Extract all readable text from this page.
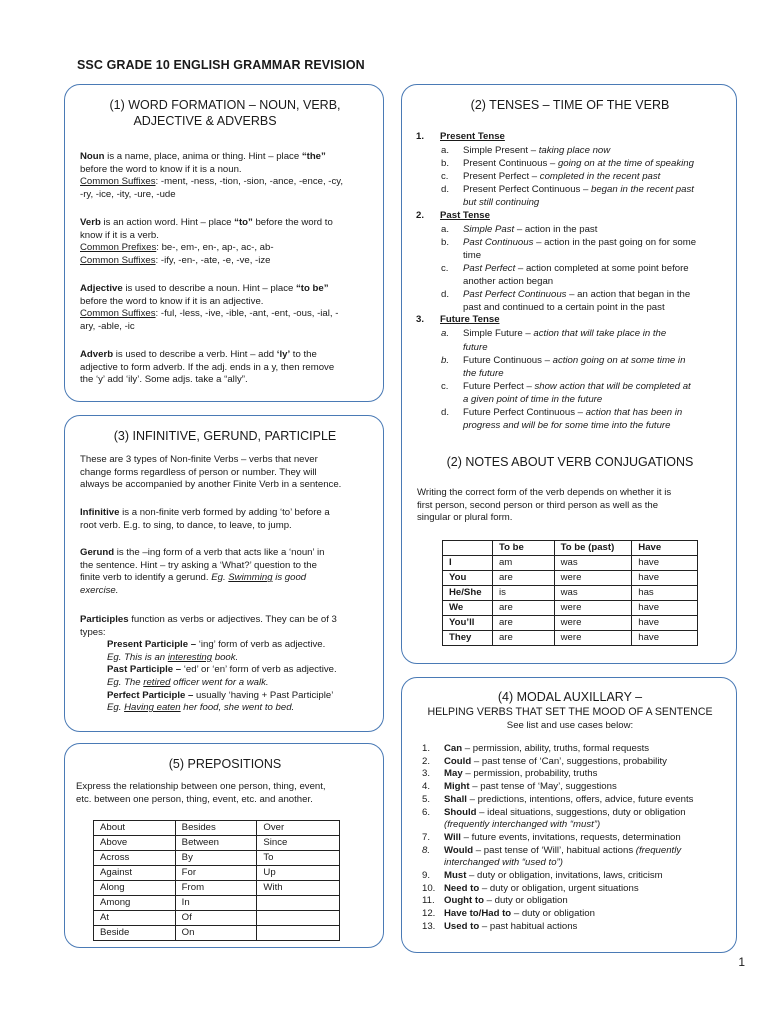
SSC GRADE 10 ENGLISH GRAMMAR REVISION
(1) WORD FORMATION – NOUN, VERB,
ADJECTIVE & ADVERBS
Noun is a name, place, anima or thing. Hint – place “the”
before the word to know if it is a noun.
Common Suffixes: -ment, -ness, -tion, -sion, -ance, -ence, -cy,
-ry, -ice, -ity, -ure, -ude
Verb is an action word. Hint – place “to” before the word to
know if it is a verb.
Common Prefixes: be-, em-, en-, ap-, ac-, ab-
Common Suffixes: -ify, -en-, -ate, -e, -ve, -ize
Adjective is used to describe a noun. Hint – place “to be”
before the word to know if it is an adjective.
Common Suffixes: -ful, -less, -ive, -ible, -ant, -ent, -ous, -ial, -
ary, -able, -ic
Adverb is used to describe a verb. Hint – add ‘ly’ to the
adjective to form adverb. If the adj. ends in a y, then remove
the ‘y’ add ‘ily’. Some adjs. take a “ally”.
(2) TENSES – TIME OF THE VERB
1. Present Tense
a. Simple Present – taking place now
b. Present Continuous – going on at the time of speaking
c. Present Perfect – completed in the recent past
d. Present Perfect Continuous – began in the recent past
but still continuing
2. Past Tense
a. Simple Past – action in the past
b. Past Continuous – action in the past going on for some
time
c. Past Perfect – action completed at some point before
another action began
d. Past Perfect Continuous – an action that began in the
past and continued to a certain point in the past
3. Future Tense
a. Simple Future – action that will take place in the
future
b. Future Continuous – action going on at some time in
the future
c. Future Perfect – show action that will be completed at
a given point of time in the future
d. Future Perfect Continuous – action that has been in
progress and will be for some time into the future
(2) NOTES ABOUT VERB CONJUGATIONS
Writing the correct form of the verb depends on whether it is
first person, second person or third person as well as the
singular or plural form.
	To be	To be (past)	Have
I	am	was	have
You	are	were	have
He/She	is	was	has
We	are	were	have
You’ll	are	were	have
They	are	were	have
(3) INFINITIVE, GERUND, PARTICIPLE
These are 3 types of Non-finite Verbs – verbs that never
change forms regardless of person or number. They will
always be accompanied by another Finite Verb in a sentence.
Infinitive is a non-finite verb formed by adding ‘to’ before a
root verb. E.g. to sing, to dance, to leave, to jump.
Gerund is the –ing form of a verb that acts like a ‘noun’ in
the sentence. Hint – try asking a ‘What?’ question to the
finite verb to identify a gerund. Eg. Swimming is good
exercise.
Participles function as verbs or adjectives. They can be of 3
types:
Present Participle – ‘ing’ form of verb as adjective.
Eg. This is an interesting book.
Past Participle – ‘ed’ or ‘en’ form of verb as adjective.
Eg. The retired officer went for a walk.
Perfect Participle – usually ‘having + Past Participle’
Eg. Having eaten her food, she went to bed.
(4) MODAL AUXILLARY –
HELPING VERBS THAT SET THE MOOD OF A SENTENCE
See list and use cases below:
1. Can – permission, ability, truths, formal requests
2. Could – past tense of ‘Can’, suggestions, probability
3. May – permission, probability, truths
4. Might – past tense of ‘May’, suggestions
5. Shall – predictions, intentions, offers, advice, future events
6. Should – ideal situations, suggestions, duty or obligation
(frequently interchanged with “must”)
7. Will – future events, invitations, requests, determination
8. Would – past tense of ‘Will’, habitual actions (frequently
interchanged with “used to”)
9. Must – duty or obligation, invitations, laws, criticism
10. Need to – duty or obligation, urgent situations
11. Ought to – duty or obligation
12. Have to/Had to – duty or obligation
13. Used to – past habitual actions
(5) PREPOSITIONS
Express the relationship between one person, thing, event,
etc. between one person, thing, event, etc. and another.
About	Besides	Over
Above	Between	Since
Across	By	To
Against	For	Up
Along	From	With
Among	In	
At	Of	
Beside	On	
1
